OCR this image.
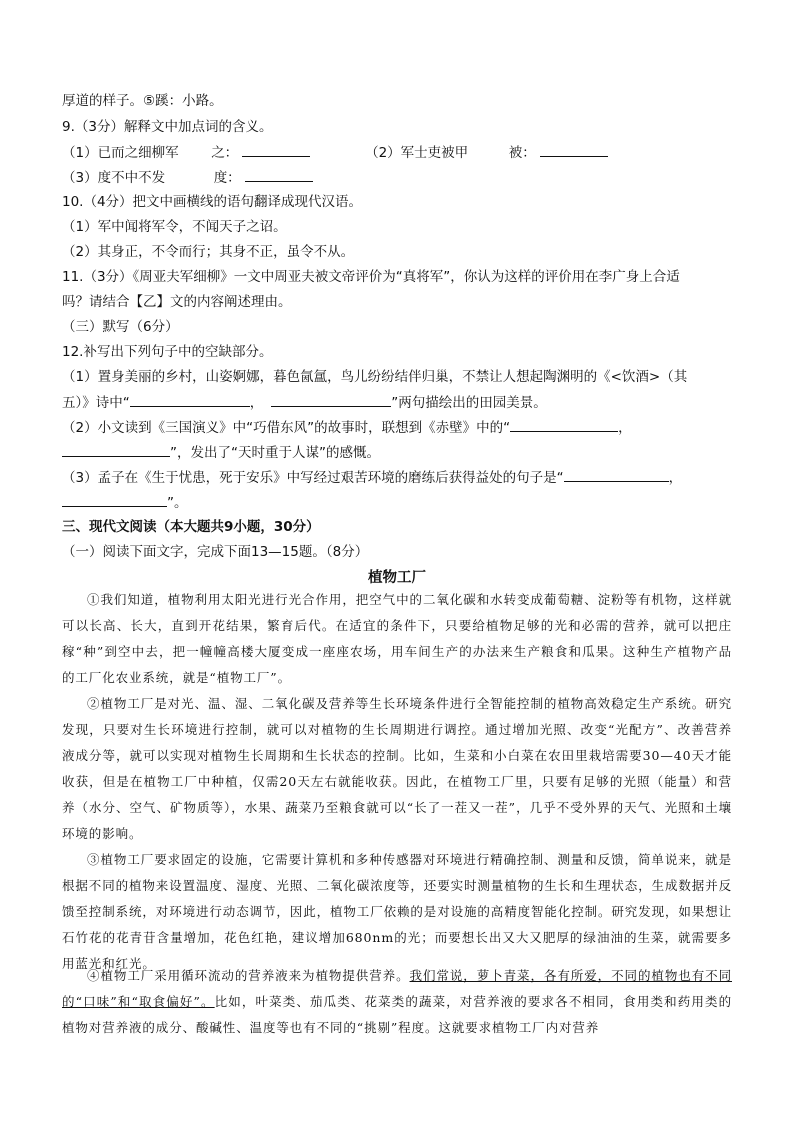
厚道的样子。⑤蹊：小路。
9.（3分）解释文中加点词的含义。
（1）已而之细柳军 之：	（2）军士吏被甲	被：
（3）度不中不发	度：
10.（4分）把文中画横线的语句翻译成现代汉语。
（1）军中闻将军令，不闻天子之诏。
（2）其身正，不令而行；其身不正，虽令不从。
11.（3分）《周亚夫军细柳》一文中周亚夫被文帝评价为“真将军”，你认为这样的评价用在李广身上合适
吗？请结合【乙】文的内容阐述理由。
（三）默写（6分）
12.补写出下列句子中的空缺部分。
（1）置身美丽的乡村，山姿婀娜，暮色氤氲，鸟儿纷纷结伴归巢，不禁让人想起陶渊明的《<饮酒>（其
五）》诗中“	，	”两句描绘出的田园美景。
（2）小文读到《三国演义》中“巧借东风”的故事时，联想到《赤壁》中的“	，
”，发出了“天时重于人谋”的感慨。
（3）孟子在《生于忧患，死于安乐》中写经过艰苦环境的磨练后获得益处的句子是“	，
”。
三、现代文阅读（本大题共9小题，30分）
（一）阅读下面文字，完成下面13—15题。（8分）
植物工厂
①我们知道，植物利用太阳光进行光合作用，把空气中的二氧化碳和水转变成葡萄糖、淀粉等有机物，这样就可以长高、长大，直到开花结果，繁育后代。在适宜的条件下，只要给植物足够的光和必需的营养，就可以把庄稼“种”到空中去，把一幢幢高楼大厦变成一座座农场，用车间生产的办法来生产粮食和瓜果。这种生产植物产品的工厂化农业系统，就是“植物工厂”。
②植物工厂是对光、温、湿、二氧化碳及营养等生长环境条件进行全智能控制的植物高效稳定生产系统。研究发现，只要对生长环境进行控制，就可以对植物的生长周期进行调控。通过增加光照、改变“光配方”、改善营养液成分等，就可以实现对植物生长周期和生长状态的控制。比如，生菜和小白菜在农田里栽培需要30—40天才能收获，但是在植物工厂中种植，仅需20天左右就能收获。因此，在植物工厂里，只要有足够的光照（能量）和营养（水分、空气、矿物质等），水果、蔬菜乃至粮食就可以“长了一茬又一茬”，几乎不受外界的天气、光照和土壤环境的影响。
③植物工厂要求固定的设施，它需要计算机和多种传感器对环境进行精确控制、测量和反馈，简单说来，就是根据不同的植物来设置温度、湿度、光照、二氧化碳浓度等，还要实时测量植物的生长和生理状态，生成数据并反馈至控制系统，对环境进行动态调节，因此，植物工厂依赖的是对设施的高精度智能化控制。研究发现，如果想让石竹花的花青苷含量增加，花色红艳，建议增加680nm的光；而要想长出又大又肥厚的绿油油的生菜，就需要多用蓝光和红光。
④植物工厂采用循环流动的营养液来为植物提供营养。我们常说，萝卜青菜，各有所爱，不同的植物也有不同的“口味”和“取食偏好”。比如，叶菜类、茄瓜类、花菜类的蔬菜，对营养液的要求各不相同，食用类和药用类的植物对营养液的成分、酸碱性、温度等也有不同的“挑剔”程度。这就要求植物工厂内对营养
